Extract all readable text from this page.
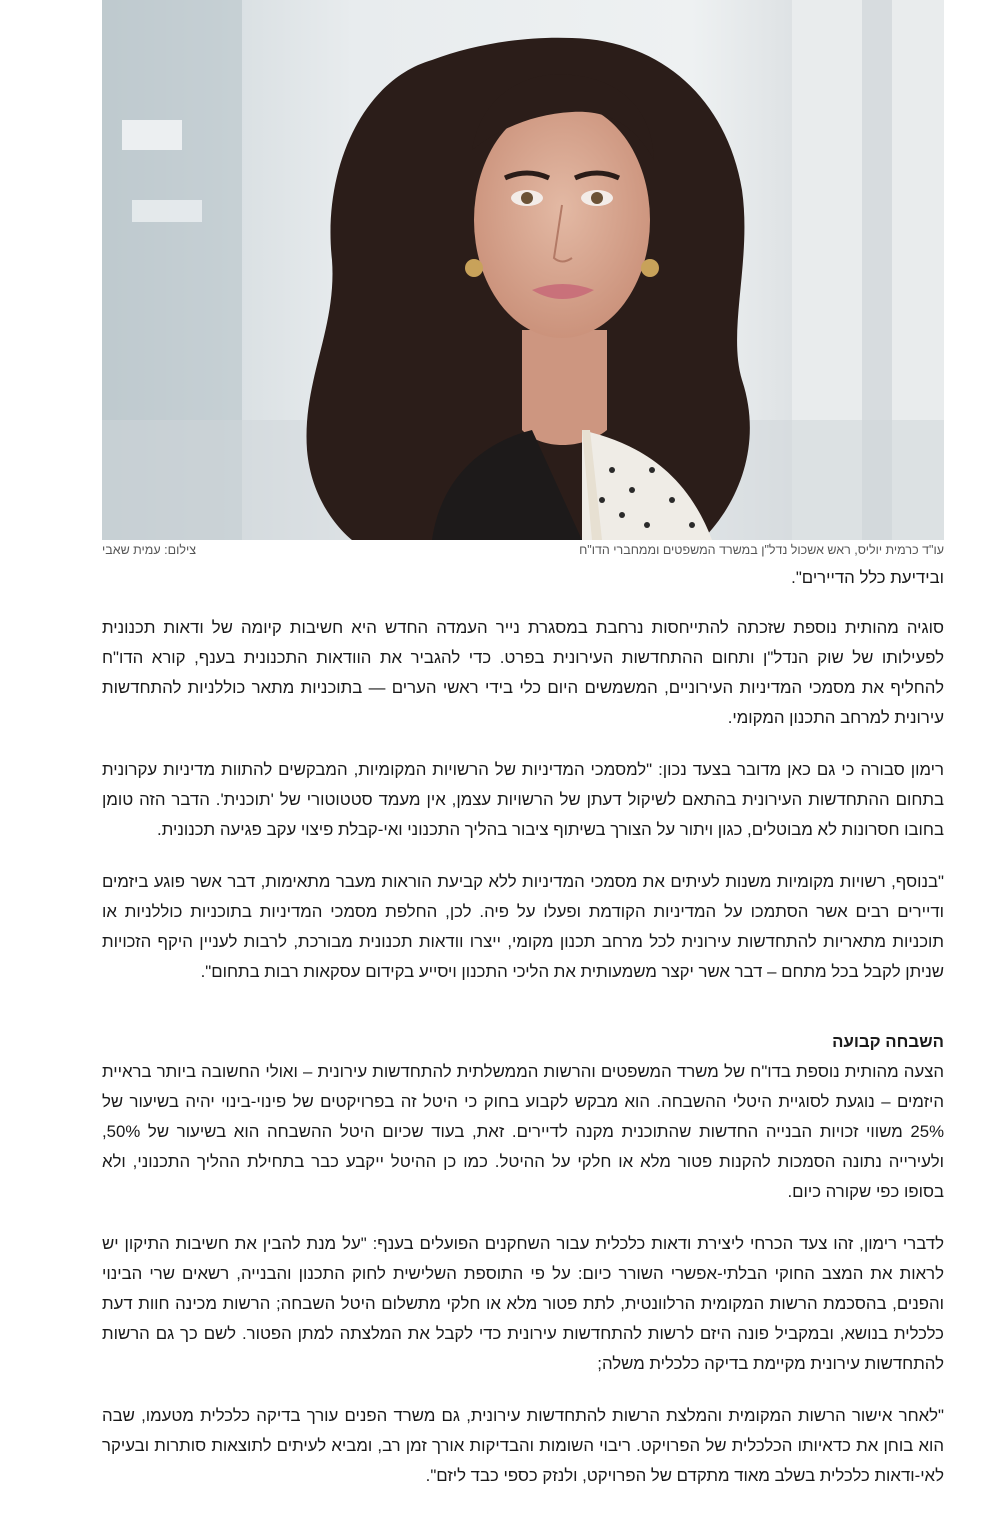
עו"ד כרמית יוליס, ראש אשכול נדל"ן במשרד המשפטים וממחברי הדו"ח
צילום: עמית שאבי

ובידיעת כלל הדיירים".

סוגיה מהותית נוספת שזכתה להתייחסות נרחבת במסגרת נייר העמדה החדש היא חשיבות קיומה של ודאות תכנונית לפעילותו של שוק הנדל"ן ותחום ההתחדשות העירונית בפרט. כדי להגביר את הוודאות התכנונית בענף, קורא הדו"ח להחליף את מסמכי המדיניות העירוניים, המשמשים היום כלי בידי ראשי הערים — בתוכניות מתאר כוללניות להתחדשות עירונית למרחב התכנון המקומי.

רימון סבורה כי גם כאן מדובר בצעד נכון: "למסמכי המדיניות של הרשויות המקומיות, המבקשים להתוות מדיניות עקרונית בתחום ההתחדשות העירונית בהתאם לשיקול דעתן של הרשויות עצמן, אין מעמד סטטוטורי של 'תוכנית'. הדבר הזה טומן בחובו חסרונות לא מבוטלים, כגון ויתור על הצורך בשיתוף ציבור בהליך התכנוני ואי-קבלת פיצוי עקב פגיעה תכנונית.

"בנוסף, רשויות מקומיות משנות לעיתים את מסמכי המדיניות ללא קביעת הוראות מעבר מתאימות, דבר אשר פוגע ביזמים ודיירים רבים אשר הסתמכו על המדיניות הקודמת ופעלו על פיה. לכן, החלפת מסמכי המדיניות בתוכניות כוללניות או תוכניות מתאריות להתחדשות עירונית לכל מרחב תכנון מקומי, ייצרו וודאות תכנונית מבורכת, לרבות לעניין היקף הזכויות שניתן לקבל בכל מתחם – דבר אשר יקצר משמעותית את הליכי התכנון ויסייע בקידום עסקאות רבות בתחום".

השבחה קבועה

הצעה מהותית נוספת בדו"ח של משרד המשפטים והרשות הממשלתית להתחדשות עירונית – ואולי החשובה ביותר בראיית היזמים – נוגעת לסוגיית היטלי ההשבחה. הוא מבקש לקבוע בחוק כי היטל זה בפרויקטים של פינוי-בינוי יהיה בשיעור של 25% משווי זכויות הבנייה החדשות שהתוכנית מקנה לדיירים. זאת, בעוד שכיום היטל ההשבחה הוא בשיעור של 50%, ולעירייה נתונה הסמכות להקנות פטור מלא או חלקי על ההיטל. כמו כן ההיטל ייקבע כבר בתחילת ההליך התכנוני, ולא בסופו כפי שקורה כיום.

לדברי רימון, זהו צעד הכרחי ליצירת ודאות כלכלית עבור השחקנים הפועלים בענף: "על מנת להבין את חשיבות התיקון יש לראות את המצב החוקי הבלתי-אפשרי השורר כיום: על פי התוספת השלישית לחוק התכנון והבנייה, רשאים שרי הבינוי והפנים, בהסכמת הרשות המקומית הרלוונטית, לתת פטור מלא או חלקי מתשלום היטל השבחה; הרשות מכינה חוות דעת כלכלית בנושא, ובמקביל פונה היזם לרשות להתחדשות עירונית כדי לקבל את המלצתה למתן הפטור. לשם כך גם הרשות להתחדשות עירונית מקיימת בדיקה כלכלית משלה;

"לאחר אישור הרשות המקומית והמלצת הרשות להתחדשות עירונית, גם משרד הפנים עורך בדיקה כלכלית מטעמו, שבה הוא בוחן את כדאיותו הכלכלית של הפרויקט. ריבוי השומות והבדיקות אורך זמן רב, ומביא לעיתים לתוצאות סותרות ובעיקר לאי-ודאות כלכלית בשלב מאוד מתקדם של הפרויקט, ולנזק כספי כבד ליזם".
